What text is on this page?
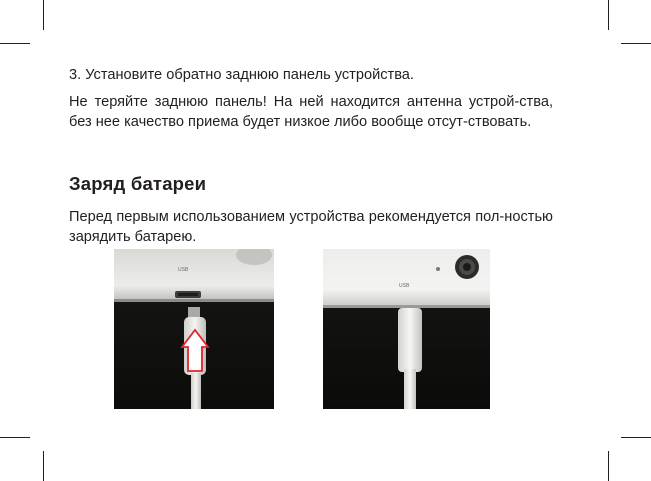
3. Установите обратно заднюю панель устройства.

Не теряйте заднюю панель! На ней находится антенна устрой-ства, без нее качество приема будет низкое либо вообще отсут-ствовать.

Заряд батареи

Перед первым использованием устройства рекомендуется пол-ностью зарядить батарею.

USB
USB
